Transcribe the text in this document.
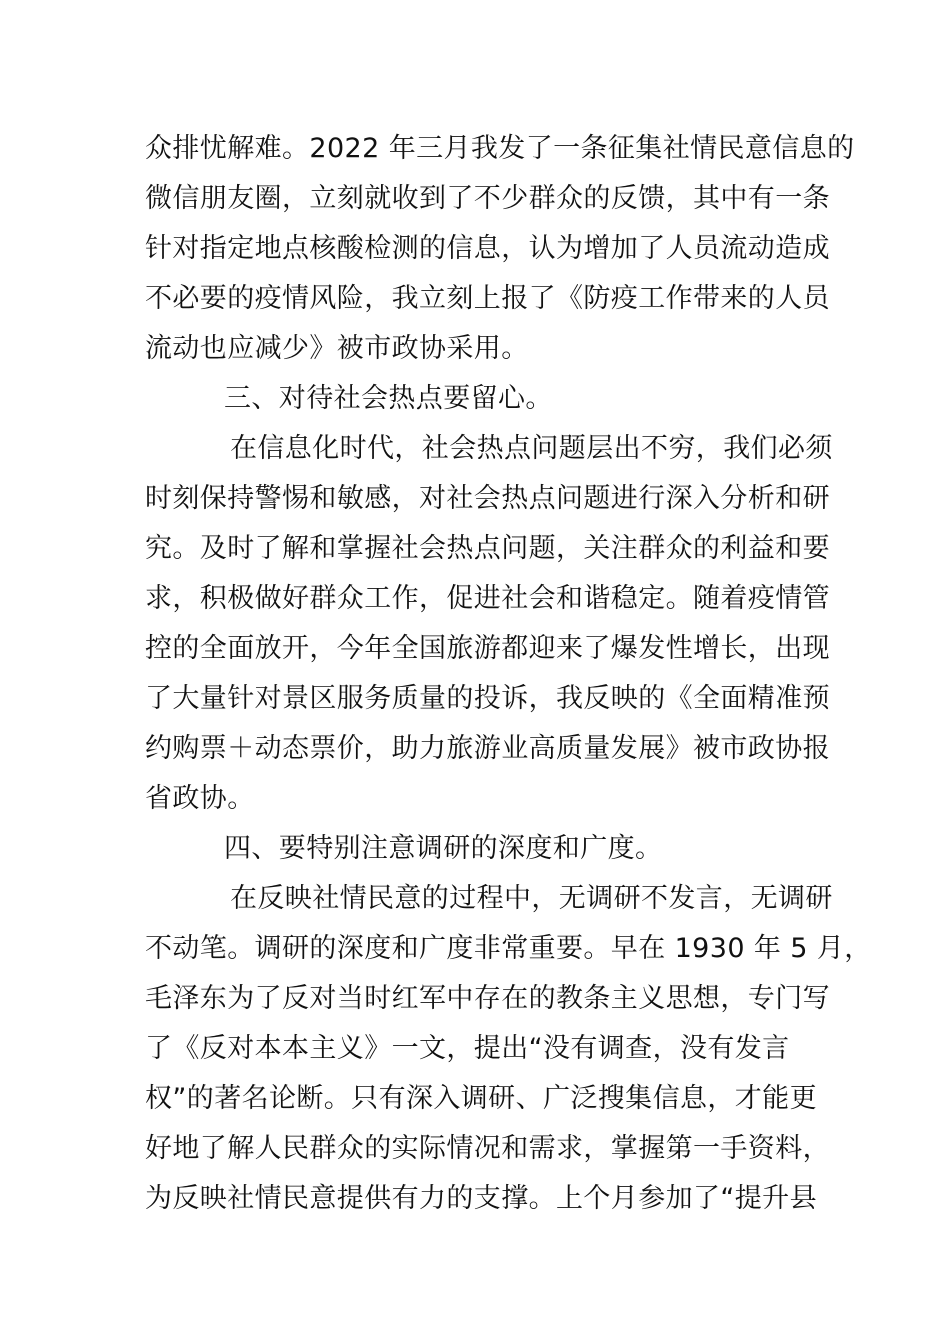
众排忧解难。2022 年三月我发了一条征集社情民意信息的
微信朋友圈，立刻就收到了不少群众的反馈，其中有一条
针对指定地点核酸检测的信息，认为增加了人员流动造成
不必要的疫情风险，我立刻上报了《防疫工作带来的人员
流动也应减少》被市政协采用。
三、对待社会热点要留心。
在信息化时代，社会热点问题层出不穷，我们必须
时刻保持警惕和敏感，对社会热点问题进行深入分析和研
究。及时了解和掌握社会热点问题，关注群众的利益和要
求，积极做好群众工作，促进社会和谐稳定。随着疫情管
控的全面放开，今年全国旅游都迎来了爆发性增长，出现
了大量针对景区服务质量的投诉，我反映的《全面精准预
约购票＋动态票价，助力旅游业高质量发展》被市政协报
省政协。
四、要特别注意调研的深度和广度。
在反映社情民意的过程中，无调研不发言，无调研
不动笔。调研的深度和广度非常重要。早在 1930 年 5 月，
毛泽东为了反对当时红军中存在的教条主义思想，专门写
了《反对本本主义》一文，提出“没有调查，没有发言
权”的著名论断。只有深入调研、广泛搜集信息，才能更
好地了解人民群众的实际情况和需求，掌握第一手资料，
为反映社情民意提供有力的支撑。上个月参加了“提升县
